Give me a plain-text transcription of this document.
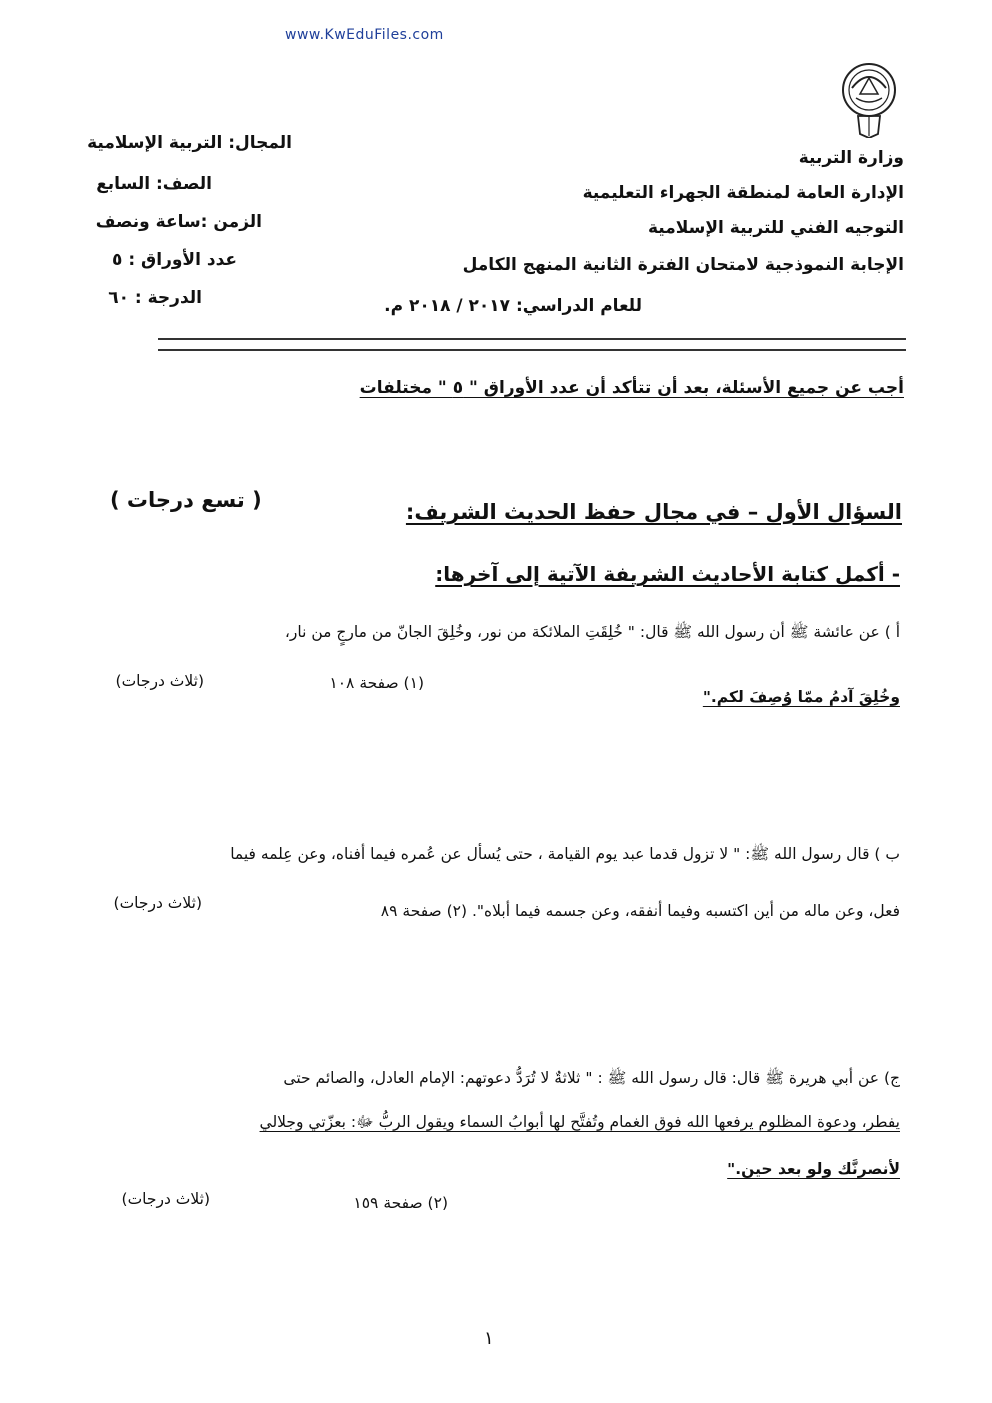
www.KwEduFiles.com
وزارة التربية
الإدارة العامة لمنطقة الجهراء التعليمية
التوجيه الفني للتربية الإسلامية
الإجابة النموذجية لامتحان الفترة الثانية المنهج الكامل
للعام الدراسي: ٢٠١٧ / ٢٠١٨ م.
المجال: التربية الإسلامية
الصف: السابع
الزمن :ساعة ونصف
عدد الأوراق : ٥
الدرجة : ٦٠
أجب عن جميع الأسئلة، بعد أن تتأكد أن عدد الأوراق " ٥ " مختلفات
السؤال الأول – في مجال حفظ الحديث الشريف:
( تسع درجات )
- أكمل كتابة الأحاديث الشريفة الآتية إلى آخرها:
أ ) عن عائشة ﷺ أن رسول الله ﷺ قال: " خُلِقَتِ الملائكة من نور، وخُلِقَ الجانّ من مارجٍ من نار،
وخُلِقَ آدمُ ممّا وُصِفَ لكم."
(١) صفحة ١٠٨
(ثلاث درجات)
ب ) قال رسول الله ﷺ: " لا تزول قدما عبد يوم القيامة ، حتى يُسأل عن عُمره فيما أفناه، وعن عِلمه فيما
فعل، وعن ماله من أين اكتسبه وفيما أنفقه، وعن جسمه فيما أبلاه". (٢) صفحة ٨٩
(ثلاث درجات)
ج) عن أبي هريرة ﷺ قال: قال رسول الله ﷺ : " ثلاثةٌ لا تُرَدُّ دعوتهم: الإمام العادل، والصائم حتى
يفطر، ودعوة المظلوم يرفعها الله فوق الغمام وتُفتَّح لها أبوابُ السماء ويقول الربُّ ﷻ: بعزّتي وجلالي
لأنصرنَّك ولو بعد حين."
(٢) صفحة ١٥٩
(ثلاث درجات)
١
